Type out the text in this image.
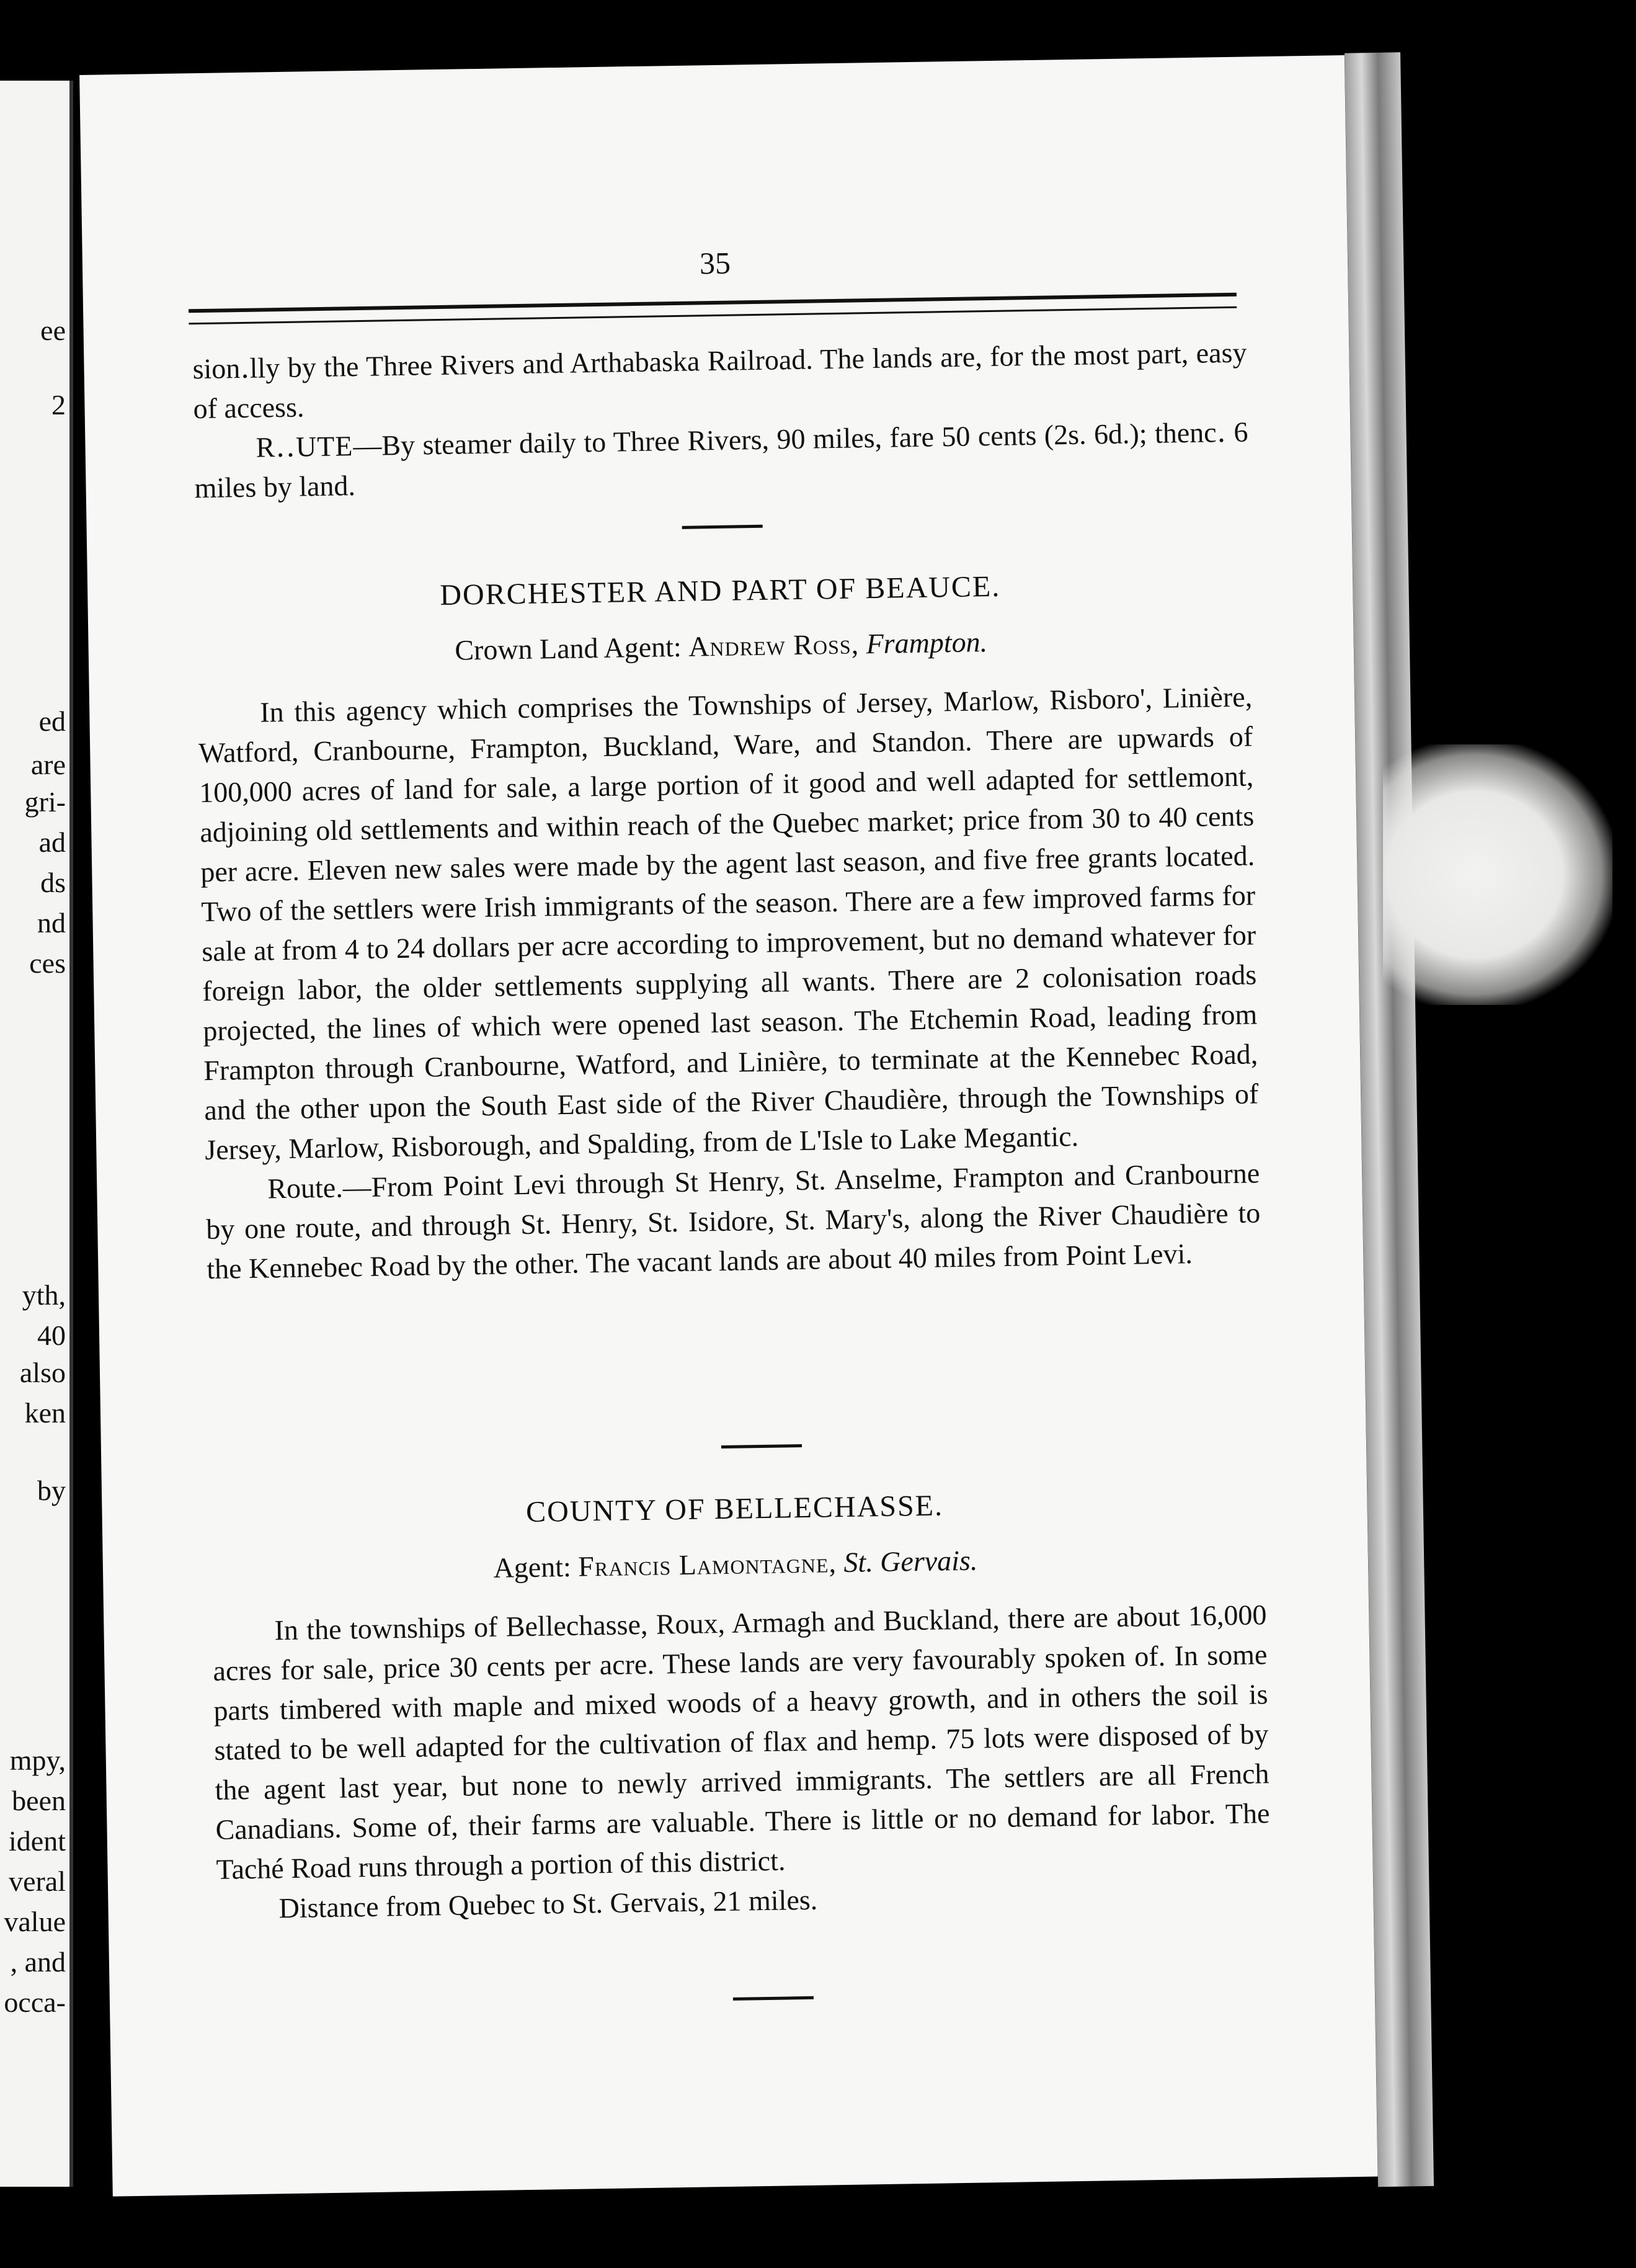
ee
2
ed
are
gri-
ad
ds
nd
ces
yth,
40
also
ken
by
mpy,
been
ident
veral
value
, and
occa-
35

sion․lly by the Three Rivers and Arthabaska Railroad. The lands are, for the most part, easy of access.

R․․UTE—By steamer daily to Three Rivers, 90 miles, fare 50 cents (2s. 6d.); thenc․ 6 miles by land.

DORCHESTER AND PART OF BEAUCE.
Crown Land Agent: Andrew Ross, Frampton.

In this agency which comprises the Townships of Jersey, Marlow, Risboro', Linière, Watford, Cranbourne, Frampton, Buckland, Ware, and Standon. There are upwards of 100,000 acres of land for sale, a large portion of it good and well adapted for settlemont, adjoining old settlements and within reach of the Quebec market; price from 30 to 40 cents per acre. Eleven new sales were made by the agent last season, and five free grants located. Two of the settlers were Irish immigrants of the season. There are a few improved farms for sale at from 4 to 24 dollars per acre according to improvement, but no demand whatever for foreign labor, the older settlements supplying all wants. There are 2 colonisation roads projected, the lines of which were opened last season. The Etchemin Road, leading from Frampton through Cranbourne, Watford, and Linière, to terminate at the Kennebec Road, and the other upon the South East side of the River Chaudière, through the Townships of Jersey, Marlow, Risborough, and Spalding, from de L'Isle to Lake Megantic.

Route.—From Point Levi through St Henry, St. Anselme, Frampton and Cranbourne by one route, and through St. Henry, St. Isidore, St. Mary's, along the River Chaudière to the Kennebec Road by the other. The vacant lands are about 40 miles from Point Levi.

COUNTY OF BELLECHASSE.
Agent: Francis Lamontagne, St. Gervais.

In the townships of Bellechasse, Roux, Armagh and Buckland, there are about 16,000 acres for sale, price 30 cents per acre. These lands are very favourably spoken of. In some parts timbered with maple and mixed woods of a heavy growth, and in others the soil is stated to be well adapted for the cultivation of flax and hemp. 75 lots were disposed of by the agent last year, but none to newly arrived immigrants. The settlers are all French Canadians. Some of, their farms are valuable. There is little or no demand for labor. The Taché Road runs through a portion of this district.

Distance from Quebec to St. Gervais, 21 miles.
